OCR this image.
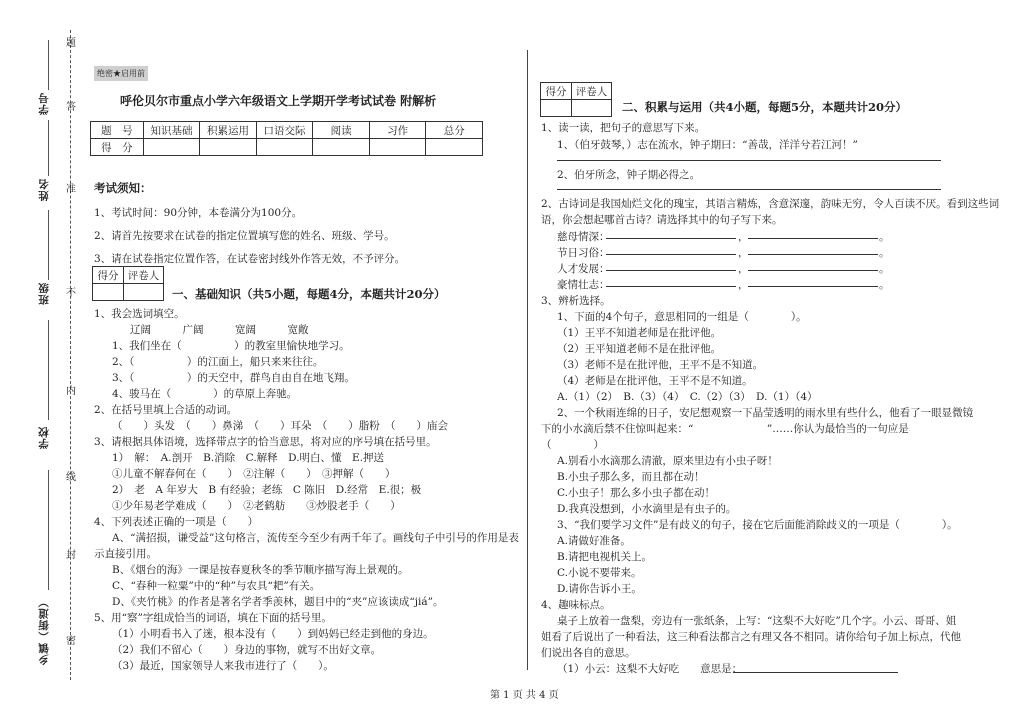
题
答
准
不
内
线
封
密
学号
姓名
班级
学校
乡镇（街道）
绝密★启用前
呼伦贝尔市重点小学六年级语文上学期开学考试试卷 附解析
题　号	知识基础	积累运用	口语交际	阅读	习作	总分
得　分						
考试须知：
1、考试时间：90分钟，本卷满分为100分。
2、请首先按要求在试卷的指定位置填写您的姓名、班级、学号。
3、请在试卷指定位置作答，在试卷密封线外作答无效，不予评分。
得分	评卷人

一、基础知识（共5小题，每题4分，本题共计20分）
1、我会选词填空。
辽阔　　　广阔　　　宽阔　　　宽敞
1、我们坐在（　　　　　）的教室里愉快地学习。
2、（　　　　　）的江面上，船只来来往往。
3、（　　　　　）的天空中，群鸟自由自在地飞翔。
4、骏马在（　　　　）的草原上奔驰。
2、在括号里填上合适的动词。
（　　）头发　（　　）鼻涕　（　　）耳朵　（　　）脂粉　（　　）庙会
3、请根据具体语境，选择带点字的恰当意思，将对应的序号填在括号里。
1）　解：　A.剖开　B.消除　C.解释　D.明白、懂　E.押送
①儿童不解春何在（　　）　②注解（　　）　③押解（　　）
2）　老　A 年岁大　B 有经验；老练　C 陈旧　D.经常　E.很；极
①少年易老学难成（　　）　②老鹤舫　　③炒股老手（　　）
4、下列表述正确的一项是（　　）
A、“满招损，谦受益”这句格言，流传至今至少有两千年了。画线句子中引号的作用是表
示直接引用。
B、《烟台的海》一课是按春夏秋冬的季节顺序描写海上景观的。
C、“春种一粒粟”中的“种”与农具“耙”有关。
D、《夹竹桃》的作者是著名学者季羡林，题目中的“夹”应该读成“jiá”。
5、用“察”字组成恰当的词语，填在下面的括号里。
（1）小明看书入了迷，根本没有（　　）到妈妈已经走到他的身边。
（2）我们不留心（　　）身边的事物，就写不出好文章。
（3）最近，国家领导人来我市进行了（　　）。
得分	评卷人

二、积累与运用（共4小题，每题5分，本题共计20分）
1、读一读，把句子的意思写下来。
1、（伯牙鼓琴，）志在流水，钟子期曰：“善哉，洋洋兮若江河！”
2、伯牙所念，钟子期必得之。
2、古诗词是我国灿烂文化的瑰宝，其语言精炼，含意深邃，韵味无穷，令人百读不厌。看到这些词
语，你会想起哪首古诗？请选择其中的句子写下来。
慈母情深：	，	。
节日习俗：	，	。
人才发展：	，	。
豪情壮志：	，	。
3、辨析选择。
1、下面的4个句子，意思相同的一组是（　　　　）。
（1）王平不知道老师是在批评他。
（2）王平知道老师不是在批评他。
（3）老师不是在批评他，王平不是不知道。
（4）老师是在批评他，王平不是不知道。
A.（1）（2）　B.（3）（4）　C.（2）（3）　D.（1）（4）
2、一个秋雨连绵的日子，安尼想观察一下晶莹透明的雨水里有些什么，他看了一眼显微镜
下的小水滴后禁不住惊叫起来：“　　　　　　　”……你认为最恰当的一句应是
（　　　　）
A.别看小水滴那么清澈，原来里边有小虫子呀！
B.小虫子那么多，而且都在动！
C.小虫子！那么多小虫子都在动！
D.我真没想到，小水滴里是有虫子的。
3、“我们要学习文件”是有歧义的句子，接在它后面能消除歧义的一项是（　　　　）。
A.请做好准备。
B.请把电视机关上。
C.小说不要带来。
D.请你告诉小王。
4、趣味标点。
桌子上放着一盘梨，旁边有一张纸条，上写：“这梨不大好吃”几个字。小云、哥哥、姐
姐看了后说出了一种看法，这三种看法都言之有理又各不相同。请你给句子加上标点，代他
们说出各自的意思。
（1）小云：这梨不大好吃　　意思是：
第 1 页 共 4 页
